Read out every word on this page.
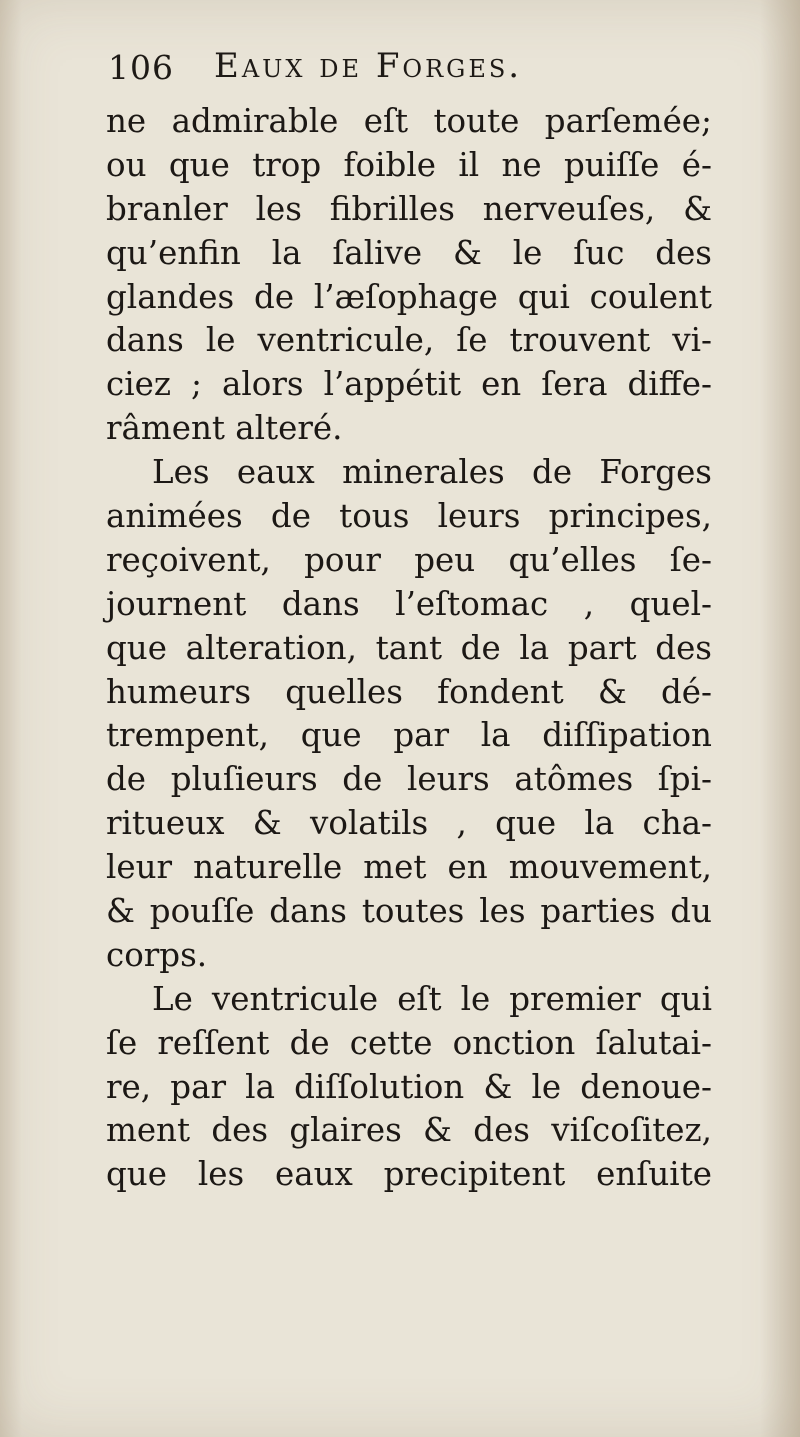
106 Eaux de Forges.
ne admirable eſt toute parſemée;
ou que trop foible il ne puiſſe é-
branler les fibrilles nerveuſes, &
qu’enfin la ſalive & le ſuc des
glandes de l’æſophage qui coulent
dans le ventricule, ſe trouvent vi-
ciez ; alors l’appétit en ſera diffe-
râment alteré.
Les eaux minerales de Forges
animées de tous leurs principes,
reçoivent, pour peu qu’elles ſe-
journent dans l’eſtomac , quel-
que alteration, tant de la part des
humeurs quelles fondent & dé-
trempent, que par la diſſipation
de pluſieurs de leurs atômes ſpi-
ritueux & volatils , que la cha-
leur naturelle met en mouvement,
& pouſſe dans toutes les parties du
corps.
Le ventricule eſt le premier qui
ſe reſſent de cette onction ſalutai-
re, par la diſſolution & le denoue-
ment des glaires & des viſcoſitez,
que les eaux precipitent enſuite
